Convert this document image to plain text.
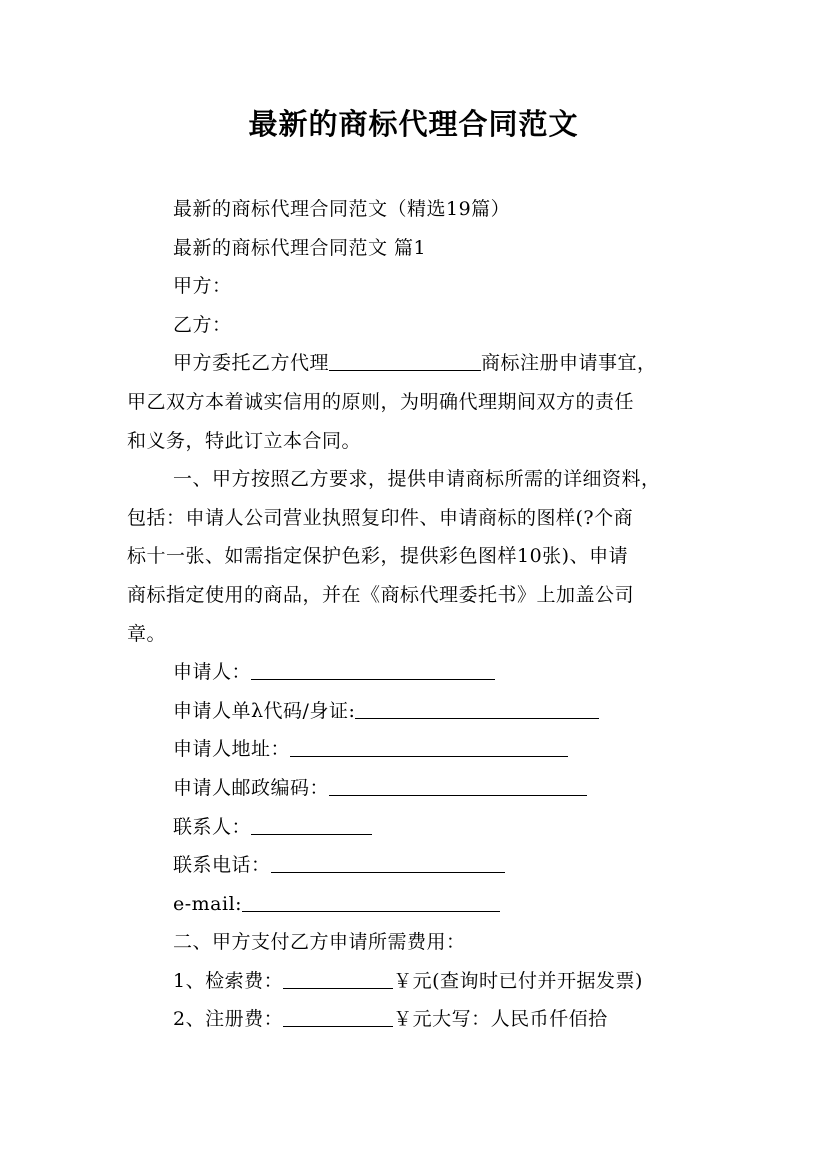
最新的商标代理合同范文
最新的商标代理合同范文（精选19篇）
最新的商标代理合同范文 篇1
甲方：
乙方：
甲方委托乙方代理	商标注册申请事宜，
甲乙双方本着诚实信用的原则，为明确代理期间双方的责任
和义务，特此订立本合同。
一、甲方按照乙方要求，提供申请商标所需的详细资料，
包括：申请人公司营业执照复印件、申请商标的图样(?个商
标十一张、如需指定保护色彩，提供彩色图样10张)、申请
商标指定使用的商品，并在《商标代理委托书》上加盖公司
章。
申请人：
申请人单λ代码/身证:
申请人地址：
申请人邮政编码：
联系人：
联系电话：
e-mail:
二、甲方支付乙方申请所需费用：
1、检索费：	￥元(查询时已付并开据发票)
2、注册费：	￥元大写：人民币仟佰拾
